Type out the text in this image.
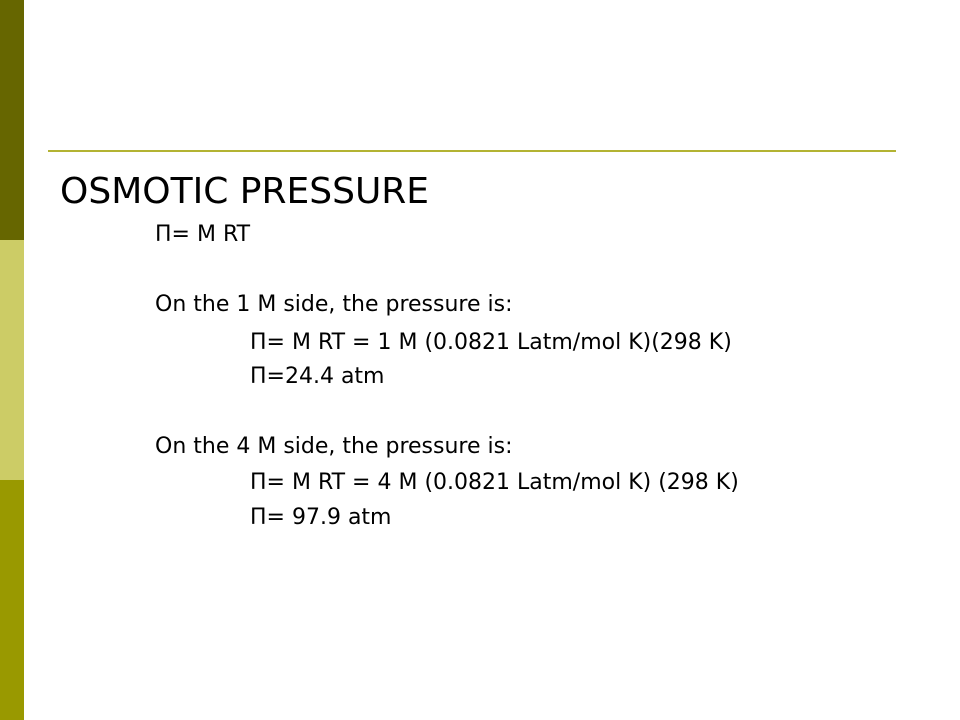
OSMOTIC PRESSURE
Π= M RT
On the 1 M side, the pressure is:
Π= M RT = 1 M (0.0821 Latm/mol K)(298 K)
Π=24.4 atm
On the 4 M side, the pressure is:
Π= M RT = 4 M (0.0821 Latm/mol K) (298 K)
Π= 97.9 atm
